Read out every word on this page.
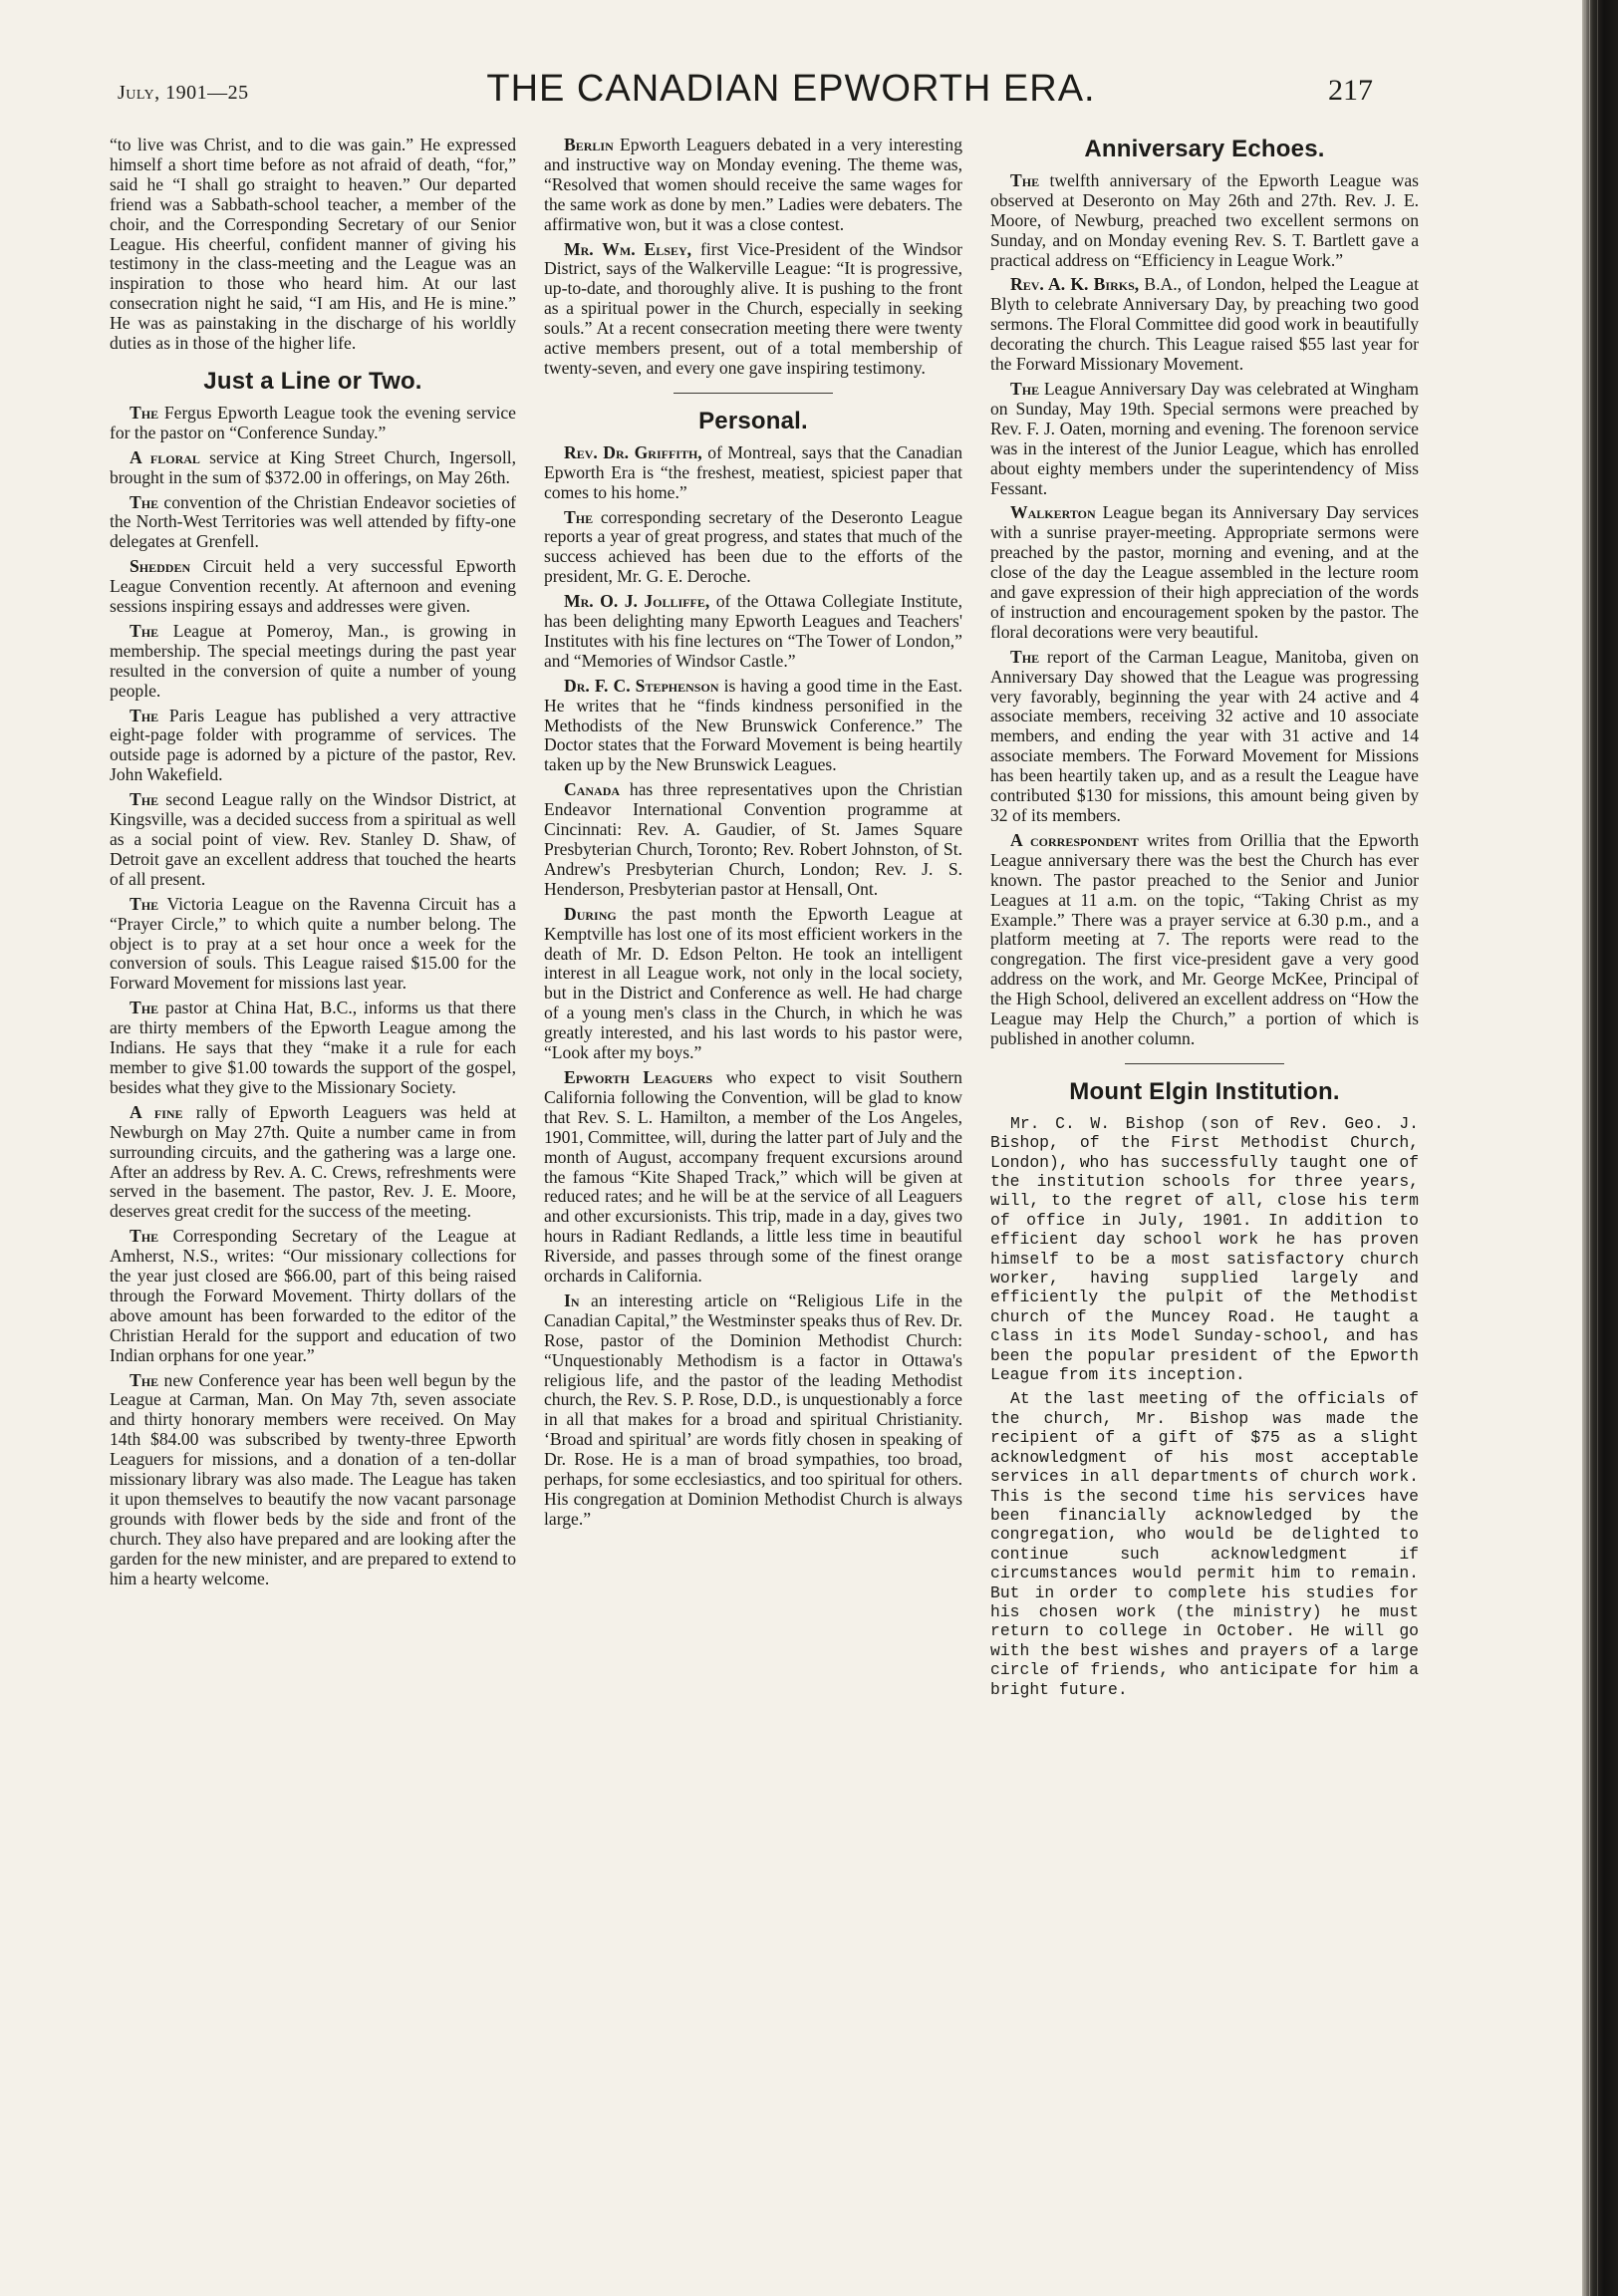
July, 1901—25	THE CANADIAN EPWORTH ERA.	217

“to live was Christ, and to die was gain.” He expressed himself a short time before as not afraid of death, “for,” said he “I shall go straight to heaven.” Our departed friend was a Sabbath-school teacher, a member of the choir, and the Corresponding Secretary of our Senior League. His cheerful, confident manner of giving his testimony in the class-meeting and the League was an inspiration to those who heard him. At our last consecration night he said, “I am His, and He is mine.” He was as painstaking in the discharge of his worldly duties as in those of the higher life.

Just a Line or Two.

The Fergus Epworth League took the evening service for the pastor on “Conference Sunday.”

A floral service at King Street Church, Ingersoll, brought in the sum of $372.00 in offerings, on May 26th.

The convention of the Christian Endeavor societies of the North-West Territories was well attended by fifty-one delegates at Grenfell.

Shedden Circuit held a very successful Epworth League Convention recently. At afternoon and evening sessions inspiring essays and addresses were given.

The League at Pomeroy, Man., is growing in membership. The special meetings during the past year resulted in the conversion of quite a number of young people.

The Paris League has published a very attractive eight-page folder with programme of services. The outside page is adorned by a picture of the pastor, Rev. John Wakefield.

The second League rally on the Windsor District, at Kingsville, was a decided success from a spiritual as well as a social point of view. Rev. Stanley D. Shaw, of Detroit gave an excellent address that touched the hearts of all present.

The Victoria League on the Ravenna Circuit has a “Prayer Circle,” to which quite a number belong. The object is to pray at a set hour once a week for the conversion of souls. This League raised $15.00 for the Forward Movement for missions last year.

The pastor at China Hat, B.C., informs us that there are thirty members of the Epworth League among the Indians. He says that they “make it a rule for each member to give $1.00 towards the support of the gospel, besides what they give to the Missionary Society.

A fine rally of Epworth Leaguers was held at Newburgh on May 27th. Quite a number came in from surrounding circuits, and the gathering was a large one. After an address by Rev. A. C. Crews, refreshments were served in the basement. The pastor, Rev. J. E. Moore, deserves great credit for the success of the meeting.

The Corresponding Secretary of the League at Amherst, N.S., writes: “Our missionary collections for the year just closed are $66.00, part of this being raised through the Forward Movement. Thirty dollars of the above amount has been forwarded to the editor of the Christian Herald for the support and education of two Indian orphans for one year.”

The new Conference year has been well begun by the League at Carman, Man. On May 7th, seven associate and thirty honorary members were received. On May 14th $84.00 was subscribed by twenty-three Epworth Leaguers for missions, and a donation of a ten-dollar missionary library was also made. The League has taken it upon themselves to beautify the now vacant parsonage grounds with flower beds by the side and front of the church. They also have prepared and are looking after the garden for the new minister, and are prepared to extend to him a hearty welcome.

Berlin Epworth Leaguers debated in a very interesting and instructive way on Monday evening. The theme was, “Resolved that women should receive the same wages for the same work as done by men.” Ladies were debaters. The affirmative won, but it was a close contest.

Mr. Wm. Elsey, first Vice-President of the Windsor District, says of the Walkerville League: “It is progressive, up-to-date, and thoroughly alive. It is pushing to the front as a spiritual power in the Church, especially in seeking souls.” At a recent consecration meeting there were twenty active members present, out of a total membership of twenty-seven, and every one gave inspiring testimony.

Personal.

Rev. Dr. Griffith, of Montreal, says that the Canadian Epworth Era is “the freshest, meatiest, spiciest paper that comes to his home.”

The corresponding secretary of the Deseronto League reports a year of great progress, and states that much of the success achieved has been due to the efforts of the president, Mr. G. E. Deroche.

Mr. O. J. Jolliffe, of the Ottawa Collegiate Institute, has been delighting many Epworth Leagues and Teachers' Institutes with his fine lectures on “The Tower of London,” and “Memories of Windsor Castle.”

Dr. F. C. Stephenson is having a good time in the East. He writes that he “finds kindness personified in the Methodists of the New Brunswick Conference.” The Doctor states that the Forward Movement is being heartily taken up by the New Brunswick Leagues.

Canada has three representatives upon the Christian Endeavor International Convention programme at Cincinnati: Rev. A. Gaudier, of St. James Square Presbyterian Church, Toronto; Rev. Robert Johnston, of St. Andrew's Presbyterian Church, London; Rev. J. S. Henderson, Presbyterian pastor at Hensall, Ont.

During the past month the Epworth League at Kemptville has lost one of its most efficient workers in the death of Mr. D. Edson Pelton. He took an intelligent interest in all League work, not only in the local society, but in the District and Conference as well. He had charge of a young men's class in the Church, in which he was greatly interested, and his last words to his pastor were, “Look after my boys.”

Epworth Leaguers who expect to visit Southern California following the Convention, will be glad to know that Rev. S. L. Hamilton, a member of the Los Angeles, 1901, Committee, will, during the latter part of July and the month of August, accompany frequent excursions around the famous “Kite Shaped Track,” which will be given at reduced rates; and he will be at the service of all Leaguers and other excursionists. This trip, made in a day, gives two hours in Radiant Redlands, a little less time in beautiful Riverside, and passes through some of the finest orange orchards in California.

In an interesting article on “Religious Life in the Canadian Capital,” the Westminster speaks thus of Rev. Dr. Rose, pastor of the Dominion Methodist Church: “Unquestionably Methodism is a factor in Ottawa's religious life, and the pastor of the leading Methodist church, the Rev. S. P. Rose, D.D., is unquestionably a force in all that makes for a broad and spiritual Christianity. ‘Broad and spiritual’ are words fitly chosen in speaking of Dr. Rose. He is a man of broad sympathies, too broad, perhaps, for some ecclesiastics, and too spiritual for others. His congregation at Dominion Methodist Church is always large.”

Anniversary Echoes.

The twelfth anniversary of the Epworth League was observed at Deseronto on May 26th and 27th. Rev. J. E. Moore, of Newburg, preached two excellent sermons on Sunday, and on Monday evening Rev. S. T. Bartlett gave a practical address on “Efficiency in League Work.”

Rev. A. K. Birks, B.A., of London, helped the League at Blyth to celebrate Anniversary Day, by preaching two good sermons. The Floral Committee did good work in beautifully decorating the church. This League raised $55 last year for the Forward Missionary Movement.

The League Anniversary Day was celebrated at Wingham on Sunday, May 19th. Special sermons were preached by Rev. F. J. Oaten, morning and evening. The forenoon service was in the interest of the Junior League, which has enrolled about eighty members under the superintendency of Miss Fessant.

Walkerton League began its Anniversary Day services with a sunrise prayer-meeting. Appropriate sermons were preached by the pastor, morning and evening, and at the close of the day the League assembled in the lecture room and gave expression of their high appreciation of the words of instruction and encouragement spoken by the pastor. The floral decorations were very beautiful.

The report of the Carman League, Manitoba, given on Anniversary Day showed that the League was progressing very favorably, beginning the year with 24 active and 4 associate members, receiving 32 active and 10 associate members, and ending the year with 31 active and 14 associate members. The Forward Movement for Missions has been heartily taken up, and as a result the League have contributed $130 for missions, this amount being given by 32 of its members.

A correspondent writes from Orillia that the Epworth League anniversary there was the best the Church has ever known. The pastor preached to the Senior and Junior Leagues at 11 a.m. on the topic, “Taking Christ as my Example.” There was a prayer service at 6.30 p.m., and a platform meeting at 7. The reports were read to the congregation. The first vice-president gave a very good address on the work, and Mr. George McKee, Principal of the High School, delivered an excellent address on “How the League may Help the Church,” a portion of which is published in another column.

Mount Elgin Institution.

Mr. C. W. Bishop (son of Rev. Geo. J. Bishop, of the First Methodist Church, London), who has successfully taught one of the institution schools for three years, will, to the regret of all, close his term of office in July, 1901. In addition to efficient day school work he has proven himself to be a most satisfactory church worker, having supplied largely and efficiently the pulpit of the Methodist church of the Muncey Road. He taught a class in its Model Sunday-school, and has been the popular president of the Epworth League from its inception.

At the last meeting of the officials of the church, Mr. Bishop was made the recipient of a gift of $75 as a slight acknowledgment of his most acceptable services in all departments of church work. This is the second time his services have been financially acknowledged by the congregation, who would be delighted to continue such acknowledgment if circumstances would permit him to remain. But in order to complete his studies for his chosen work (the ministry) he must return to college in October. He will go with the best wishes and prayers of a large circle of friends, who anticipate for him a bright future.
